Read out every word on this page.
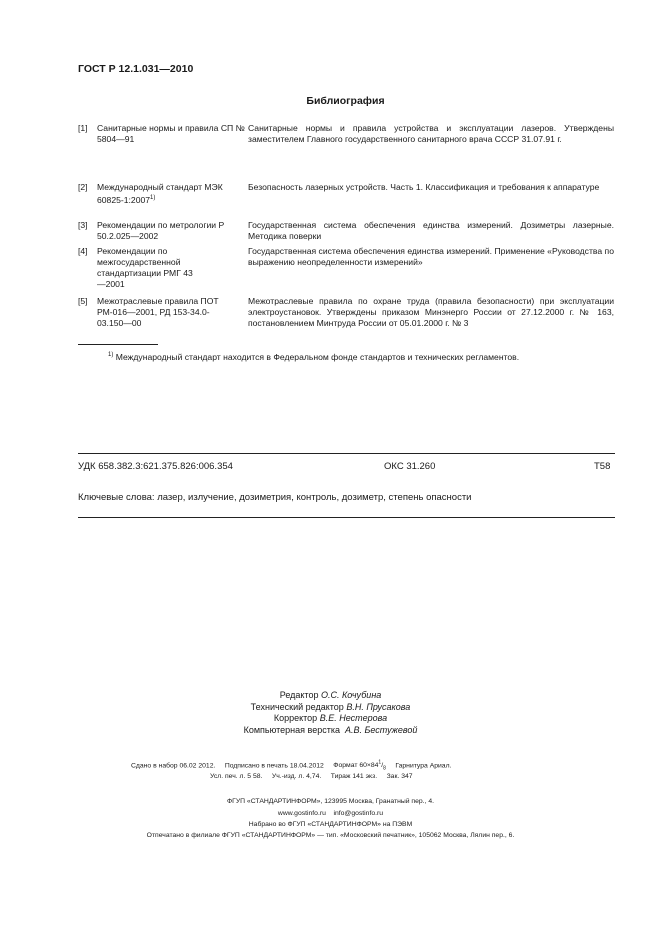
ГОСТ Р 12.1.031—2010
Библиография
[1] Санитарные нормы и правила СП № 5804—91
Санитарные нормы и правила устройства и эксплуатации лазеров. Утверждены заместителем Главного государственного санитарного врача СССР 31.07.91 г.
[2] Международный стандарт МЭК 60825-1:2007$^{1)}$
Безопасность лазерных устройств. Часть 1. Классификация и требования к аппаратуре
[3] Рекомендации по метрологии Р 50.2.025—2002
Государственная система обеспечения единства измерений. Дозиметры лазерные. Методика поверки
[4] Рекомендации по межгосударственной стандартизации РМГ 43—2001
Государственная система обеспечения единства измерений. Применение «Руководства по выражению неопределенности измерений»
[5] Межотраслевые правила ПОТ РМ-016—2001, РД 153-34.0-03.150—00
Межотраслевые правила по охране труда (правила безопасности) при эксплуатации электроустановок. Утверждены приказом Минэнерго России от 27.12.2000 г. № 163, постановлением Минтруда России от 05.01.2000 г. № 3
$^{1)}$ Международный стандарт находится в Федеральном фонде стандартов и технических регламентов.
УДК 658.382.3:621.375.826:006.354	ОКС 31.260	Т58
Ключевые слова: лазер, излучение, дозиметрия, контроль, дозиметр, степень опасности
Редактор О.С. Кочубина
Технический редактор В.Н. Прусакова
Корректор В.Е. Нестерова
Компьютерная верстка А.В. Бестужевой
Сдано в набор 06.02 2012. Подписано в печать 18.04.2012 Формат $60\times 84^1/_8$ Гарнитура Ариал.
Усл. печ. л. 5 58. Уч.-изд. л. 4,74. Тираж 141 экз. Зак. 347
ФГУП «СТАНДАРТИНФОРМ», 123995 Москва, Гранатный пер., 4.
www.gostinfo.ru info@gostinfo.ru
Набрано во ФГУП «СТАНДАРТИНФОРМ» на ПЭВМ
Отпечатано в филиале ФГУП «СТАНДАРТИНФОРМ» — тип. «Московский печатник», 105062 Москва, Лялин пер., 6.
